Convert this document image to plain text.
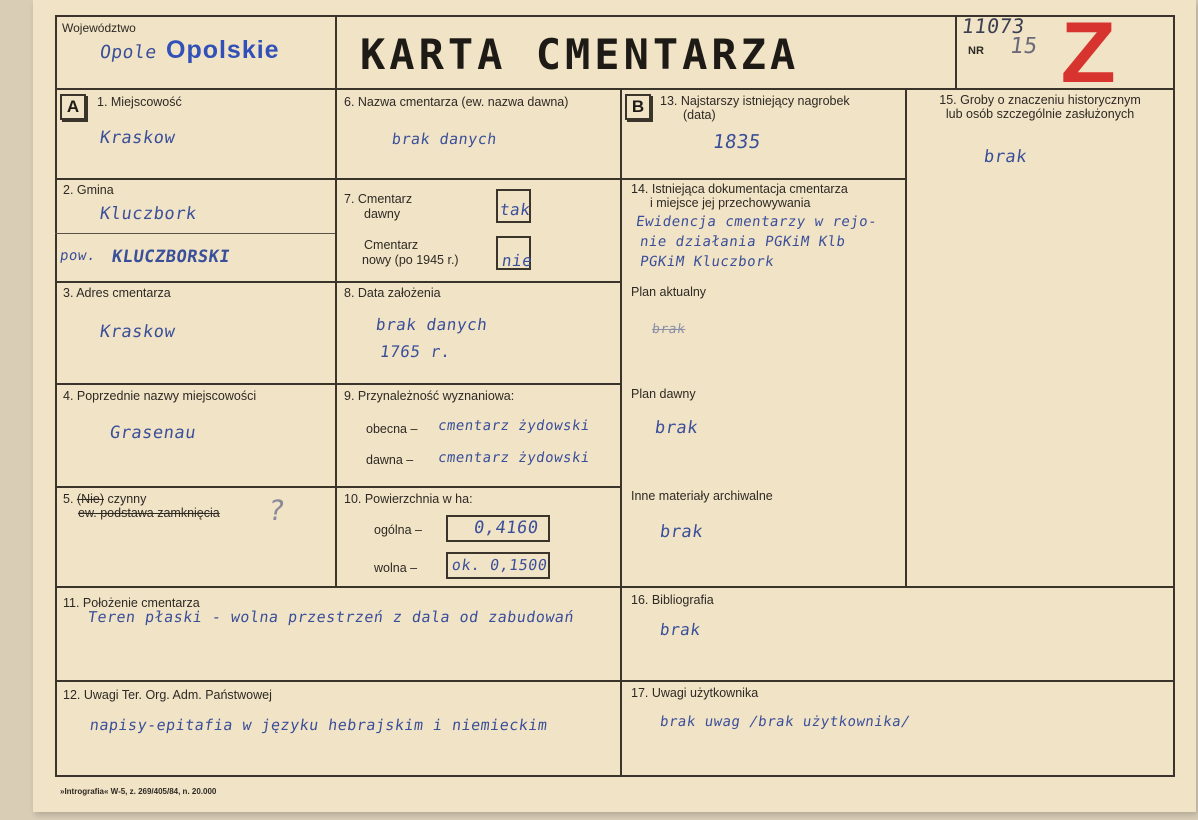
Województwo
Opole Opolskie KARTA CMENTARZA	NR
11073
15 Z
A	1. Miejscowość
Kraskow
2. Gmina
Kluczbork
pow. KLUCZBORSKI
3. Adres cmentarza
Kraskow
4. Poprzednie nazwy miejscowości
Grasenau
5. (Nie) czynny
ew. podstawa zamknięcia ?
6. Nazwa cmentarza (ew. nazwa dawna)
brak danych
7. Cmentarz
dawny	tak
Cmentarz
nowy (po 1945 r.)	nie
8. Data założenia
brak danych
1765 r.
9. Przynależność wyznaniowa:
obecna – cmentarz żydowski
dawna – cmentarz żydowski
10. Powierzchnia w ha:
ogólna –	0,4160
wolna – ok. 0,1500
B	13. Najstarszy istniejący nagrobek
(data)
1835
14. Istniejąca dokumentacja cmentarza
i miejsce jej przechowywania
Ewidencja cmentarzy w rejo-
nie działania PGKiM Klb
PGKiM Kluczbork
Plan aktualny
brak
Plan dawny
brak
Inne materiały archiwalne
brak
15. Groby o znaczeniu historycznym
lub osób szczególnie zasłużonych
brak
11. Położenie cmentarza
Teren płaski - wolna przestrzeń z dala od zabudowań
16. Bibliografia
brak
12. Uwagi Ter. Org. Adm. Państwowej
napisy-epitafia w języku hebrajskim i niemieckim
17. Uwagi użytkownika
brak uwag /brak użytkownika/
»Intrografia« W-5, z. 269/405/84, n. 20.000
